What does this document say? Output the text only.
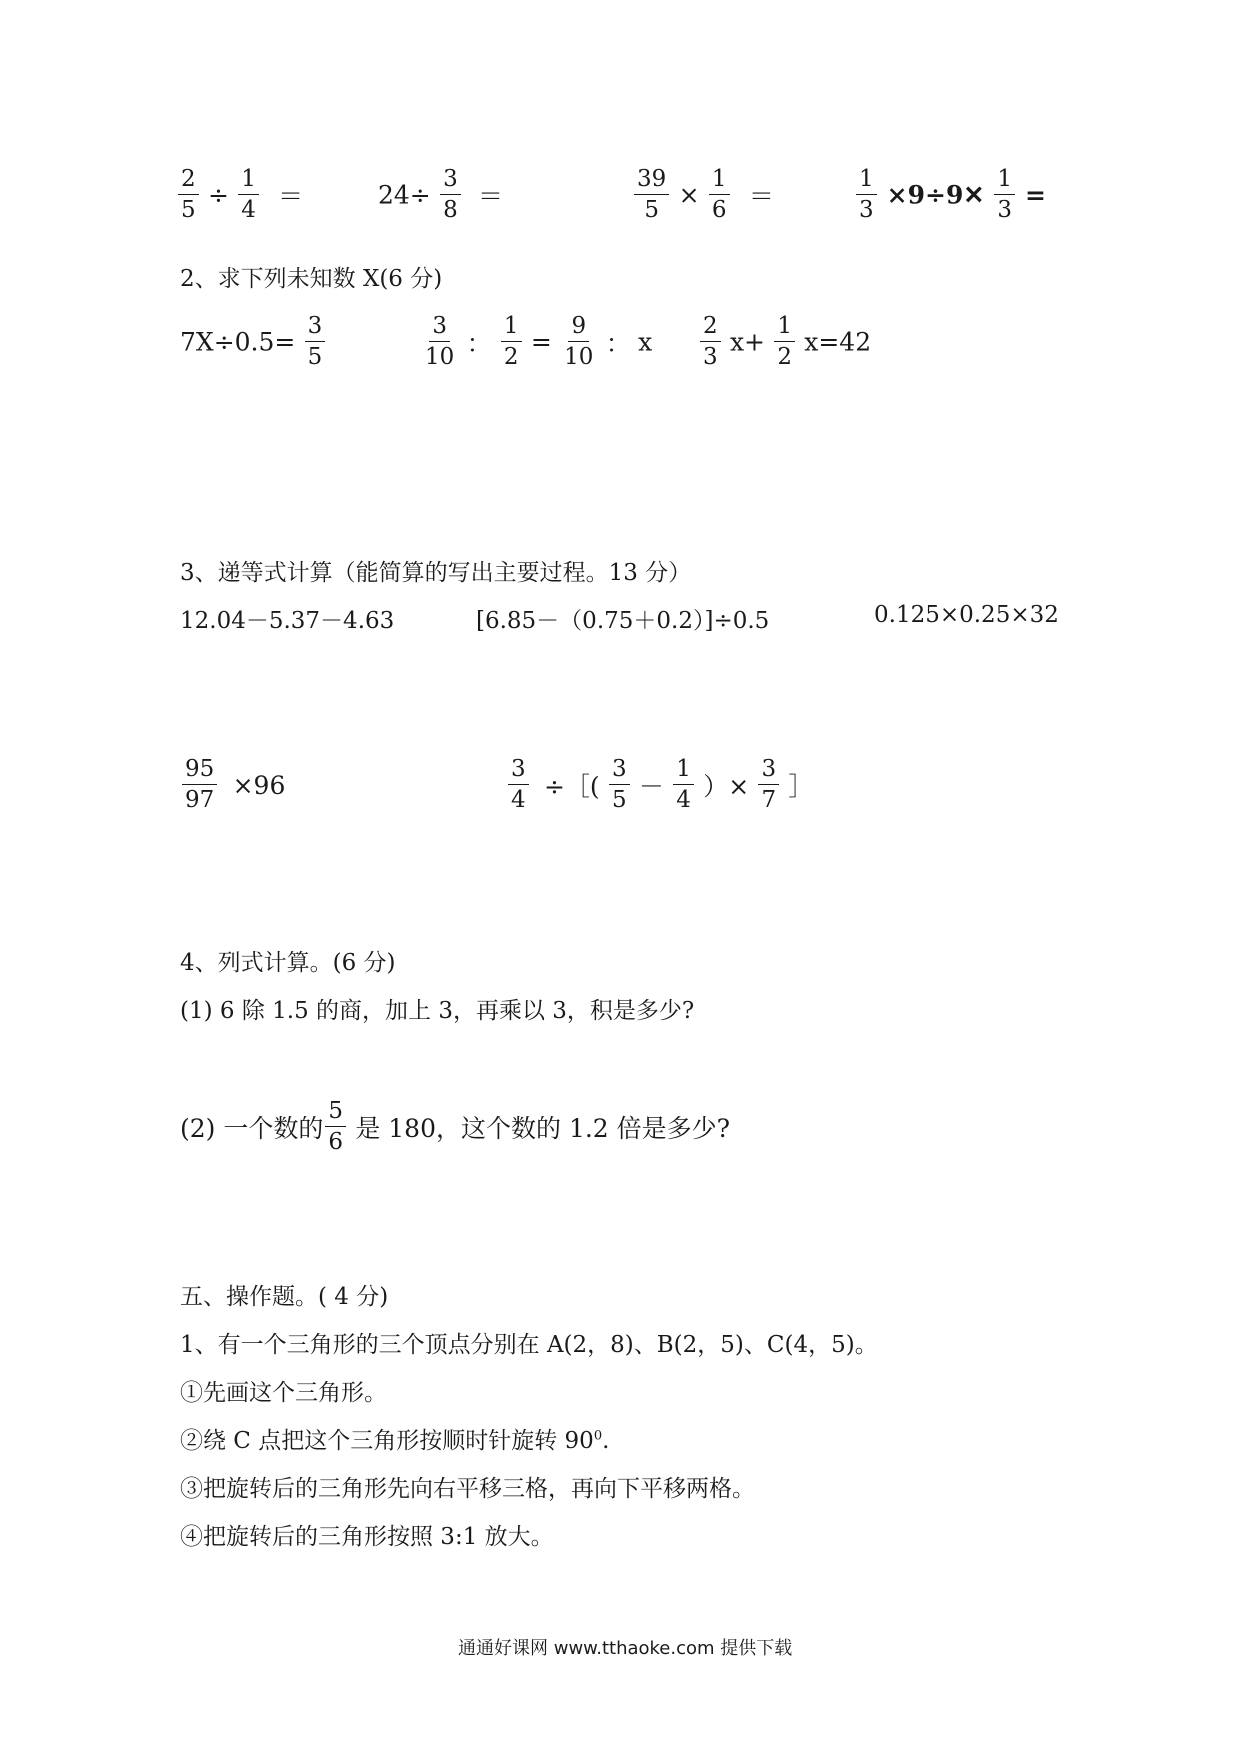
$\frac{2}{5} \div \frac{1}{4}$ ＝	$24\div \frac{3}{8}$ ＝	$\frac{39}{5} \times \frac{1}{6}$ ＝	$\frac{1}{3}$ ×9÷9✕ $\frac{1}{3}$ =
2、求下列未知数 X(6 分)
$7X\div 0.5= \frac{3}{5}$	$\frac{3}{10}$ ： $\frac{1}{2} = \frac{9}{10}$ ： x $\frac{2}{3} x+ \frac{1}{2} x=42$
3、递等式计算（能简算的写出主要过程。13 分）
12.04－5.37－4.63	[6.85－（0.75＋0.2）]÷0.5	0.125×0.25×32
$\frac{95}{97} \times 96$	$\frac{3}{4}$ ÷［( $\frac{3}{5} - \frac{1}{4}$ ）× $\frac{3}{7}$ ］
4、列式计算。(6 分)
(1) 6 除 1.5 的商，加上 3，再乘以 3，积是多少?
(2) 一个数的 $\frac{5}{6}$ 是 180，这个数的 1.2 倍是多少?
五、操作题。( 4 分)
1、有一个三角形的三个顶点分别在 A(2，8)、B(2，5)、C(4，5)。
①先画这个三角形。
②绕 C 点把这个三角形按顺时针旋转 $90^0$.
③把旋转后的三角形先向右平移三格，再向下平移两格。
④把旋转后的三角形按照 3:1 放大。
通通好课网 www.tthaoke.com 提供下载
